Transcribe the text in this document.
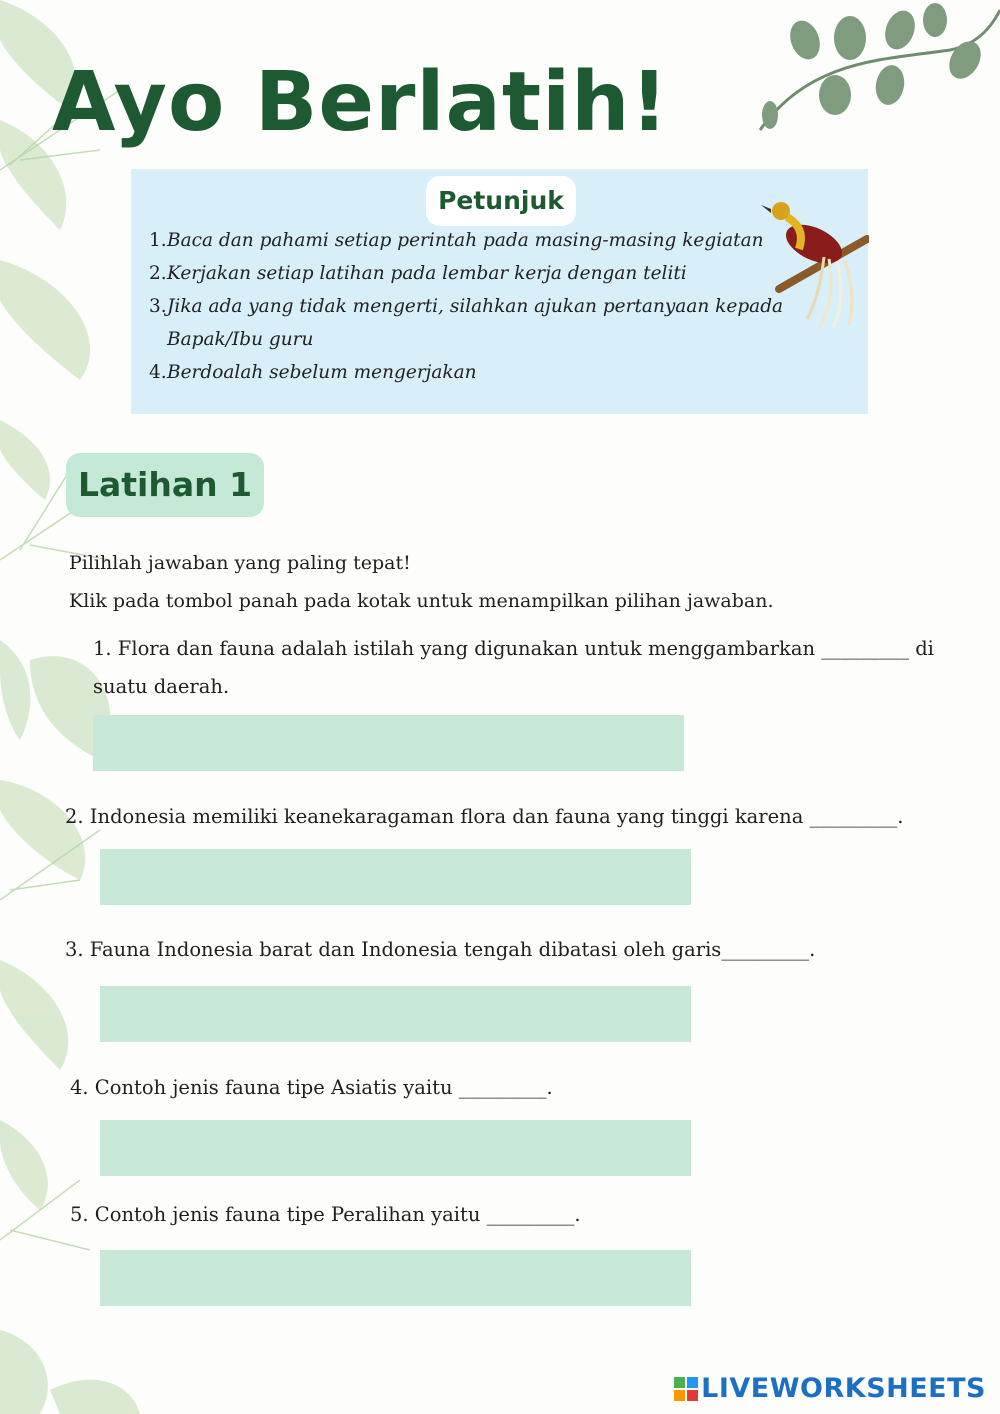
Ayo Berlatih!
Petunjuk
1. Baca dan pahami setiap perintah pada masing-masing kegiatan
2. Kerjakan setiap latihan pada lembar kerja dengan teliti
3. Jika ada yang tidak mengerti, silahkan ajukan pertanyaan kepada Bapak/Ibu guru
4. Berdoalah sebelum mengerjakan
Latihan 1
Pilihlah jawaban yang paling tepat!
Klik pada tombol panah pada kotak untuk menampilkan pilihan jawaban.
1. Flora dan fauna adalah istilah yang digunakan untuk menggambarkan _________ di suatu daerah.
2. Indonesia memiliki keanekaragaman flora dan fauna yang tinggi karena _________.
3. Fauna Indonesia barat dan Indonesia tengah dibatasi oleh garis_________.
4. Contoh jenis fauna tipe Asiatis yaitu _________.
5. Contoh jenis fauna tipe Peralihan yaitu _________.
LIVEWORKSHEETS
